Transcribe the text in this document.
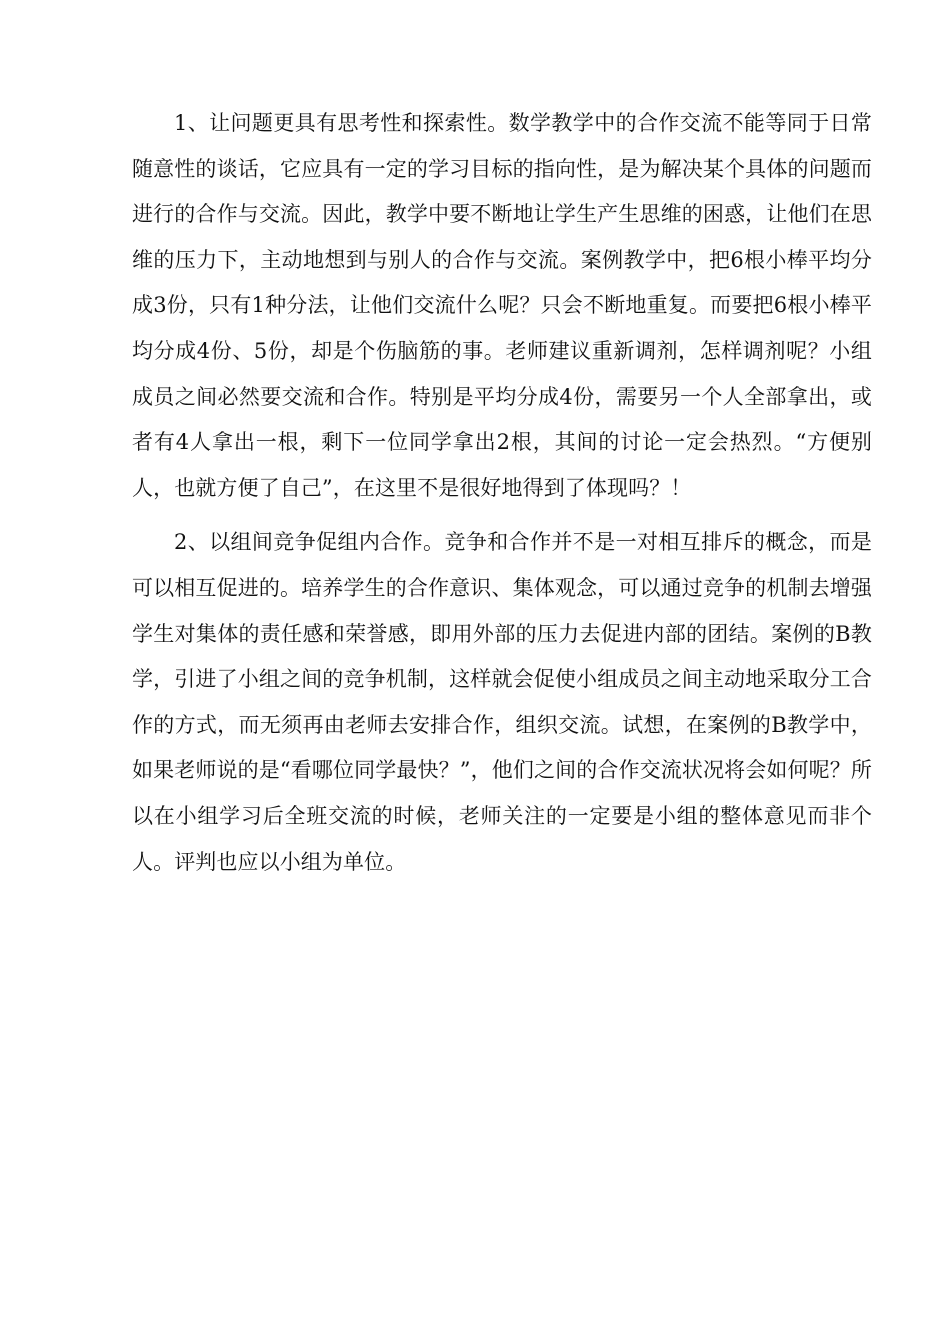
1、让问题更具有思考性和探索性。数学教学中的合作交流不能等同于日常随意性的谈话，它应具有一定的学习目标的指向性，是为解决某个具体的问题而进行的合作与交流。因此，教学中要不断地让学生产生思维的困惑，让他们在思维的压力下，主动地想到与别人的合作与交流。案例教学中，把6根小棒平均分成3份，只有1种分法，让他们交流什么呢？只会不断地重复。而要把6根小棒平均分成4份、5份，却是个伤脑筋的事。老师建议重新调剂，怎样调剂呢？小组成员之间必然要交流和合作。特别是平均分成4份，需要另一个人全部拿出，或者有4人拿出一根，剩下一位同学拿出2根，其间的讨论一定会热烈。“方便别人，也就方便了自己”，在这里不是很好地得到了体现吗？！

2、以组间竞争促组内合作。竞争和合作并不是一对相互排斥的概念，而是可以相互促进的。培养学生的合作意识、集体观念，可以通过竞争的机制去增强学生对集体的责任感和荣誉感，即用外部的压力去促进内部的团结。案例的B教学，引进了小组之间的竞争机制，这样就会促使小组成员之间主动地采取分工合作的方式，而无须再由老师去安排合作，组织交流。试想，在案例的B教学中，如果老师说的是“看哪位同学最快？”，他们之间的合作交流状况将会如何呢？所以在小组学习后全班交流的时候，老师关注的一定要是小组的整体意见而非个人。评判也应以小组为单位。
